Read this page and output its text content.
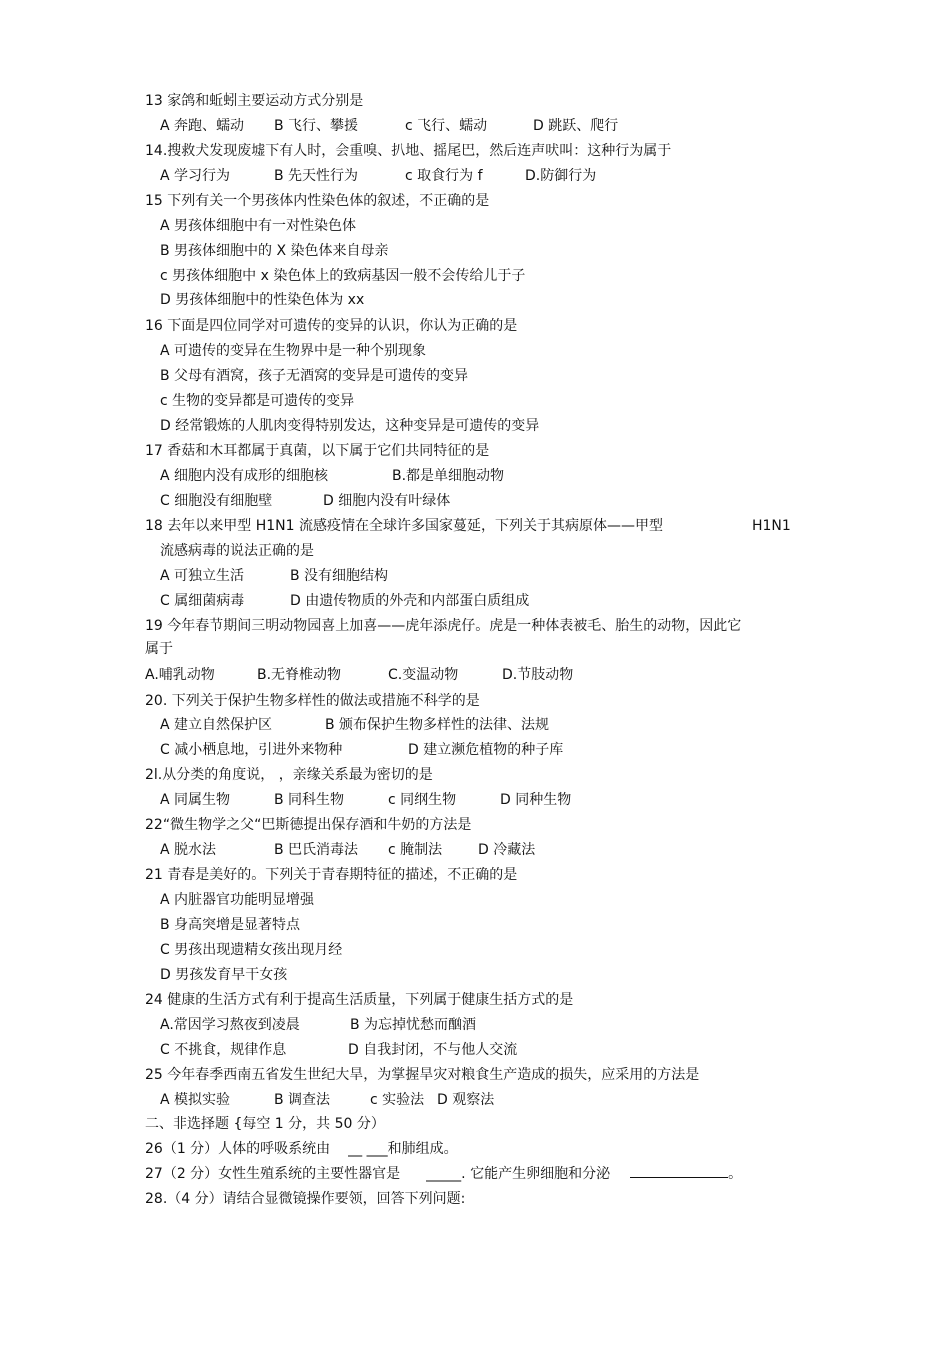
13 家鸽和蚯蚓主要运动方式分别是
A 奔跑、蠕动 B 飞行、攀援	c 飞行、蠕动	D 跳跃、爬行
14.搜救犬发现废墟下有人时，会重嗅、扒地、摇尾巴，然后连声吠叫：这种行为属于
A 学习行为	B 先天性行为	c 取食行为 f	D.防御行为
15 下列有关一个男孩体内性染色体的叙述，不正确的是
A 男孩体细胞中有一对性染色体
B 男孩体细胞中的 X 染色体来自母亲
c 男孩体细胞中 x 染色体上的致病基因一般不会传给儿于子
D 男孩体细胞中的性染色体为 xx
16 下面是四位同学对可遗传的变异的认识，你认为正确的是
A 可遗传的变异在生物界中是一种个别现象
B 父母有酒窝，孩子无酒窝的变异是可遗传的变异
c 生物的变异都是可遗传的变异
D 经常锻炼的人肌肉变得特别发达，这种变异是可遗传的变异
17 香菇和木耳都属于真菌，以下属于它们共同特征的是
A 细胞内没有成形的细胞核	B.都是单细胞动物
C 细胞没有细胞壁	D 细胞内没有叶绿体
18 去年以来甲型 H1N1 流感疫情在全球许多国家蔓延，下列关于其病原体——甲型	H1N1
流感病毒的说法正确的是
A 可独立生活	B 没有细胞结构
C 属细菌病毒	D 由遗传物质的外壳和内部蛋白质组成
19 今年春节期间三明动物园喜上加喜——虎年添虎仔。虎是一种体表被毛、胎生的动物，因此它
属于
A.哺乳动物	B.无脊椎动物	C.变温动物	D.节肢动物
20. 下列关于保护生物多样性的做法或措施不科学的是
A 建立自然保护区	B 颁布保护生物多样性的法律、法规
C 减小栖息地，引进外来物种	D 建立濒危植物的种子库
2l.从分类的角度说， ，亲缘关系最为密切的是
A 同属生物	B 同科生物	c 同纲生物	D 同种生物
22“微生物学之父“巴斯德提出保存酒和牛奶的方法是
A 脱水法	B 巴氏消毒法 c 腌制法	D 冷藏法
21 青春是美好的。下列关于青春期特征的描述，不正确的是
A 内脏器官功能明显增强
B 身高突增是显著特点
C 男孩出现遗精女孩出现月经
D 男孩发育早干女孩
24 健康的生活方式有利于提高生活质量，下列属于健康生括方式的是
A.常因学习熬夜到凌晨	B 为忘掉忧愁而酗酒
C 不挑食，规律作息	D 自我封闭，不与他人交流
25 今年春季西南五省发生世纪大旱，为掌握旱灾对粮食生产造成的损失，应采用的方法是
A 模拟实验	B 调查法	c 实验法 D 观察法
二、非选择题 {每空 1 分，共 50 分）
26（1 分）人体的呼吸系统由 __ ___和肺组成。
27（2 分）女性生殖系统的主要性器官是 _____. 它能产生卵细胞和分泌	。
28.（4 分）请结合显微镜操作要领，回答下列问题:
